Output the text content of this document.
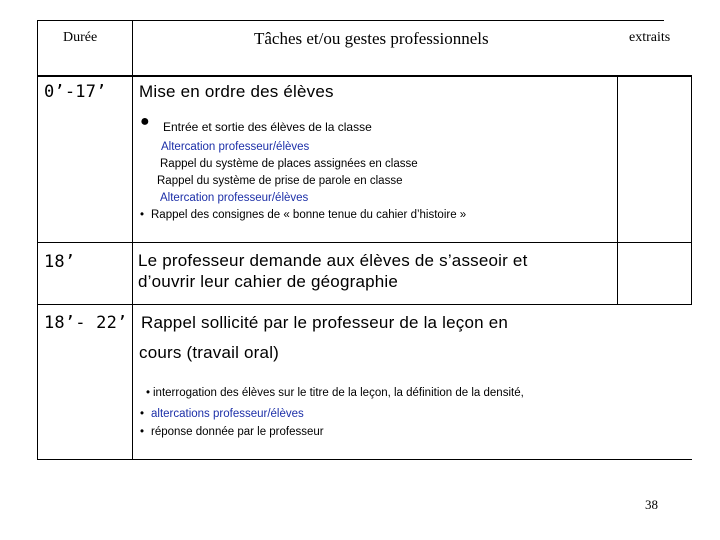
Durée	Tâches et/ou gestes professionnels	extraits
0’-17’ Mise en ordre des élèves
● Entrée et sortie des élèves de la classe
Altercation professeur/élèves
Rappel du système de places assignées en classe
Rappel du système de prise de parole en classe
Altercation professeur/élèves
• Rappel des consignes de « bonne tenue du cahier d’histoire »
18’	Le professeur demande aux élèves de s’asseoir et
d’ouvrir leur cahier de géographie
18’- 22’ Rappel sollicité par le professeur de la leçon en
cours (travail oral)
• interrogation des élèves sur le titre de la leçon, la définition de la densité,
• altercations professeur/élèves
• réponse donnée par le professeur
38
